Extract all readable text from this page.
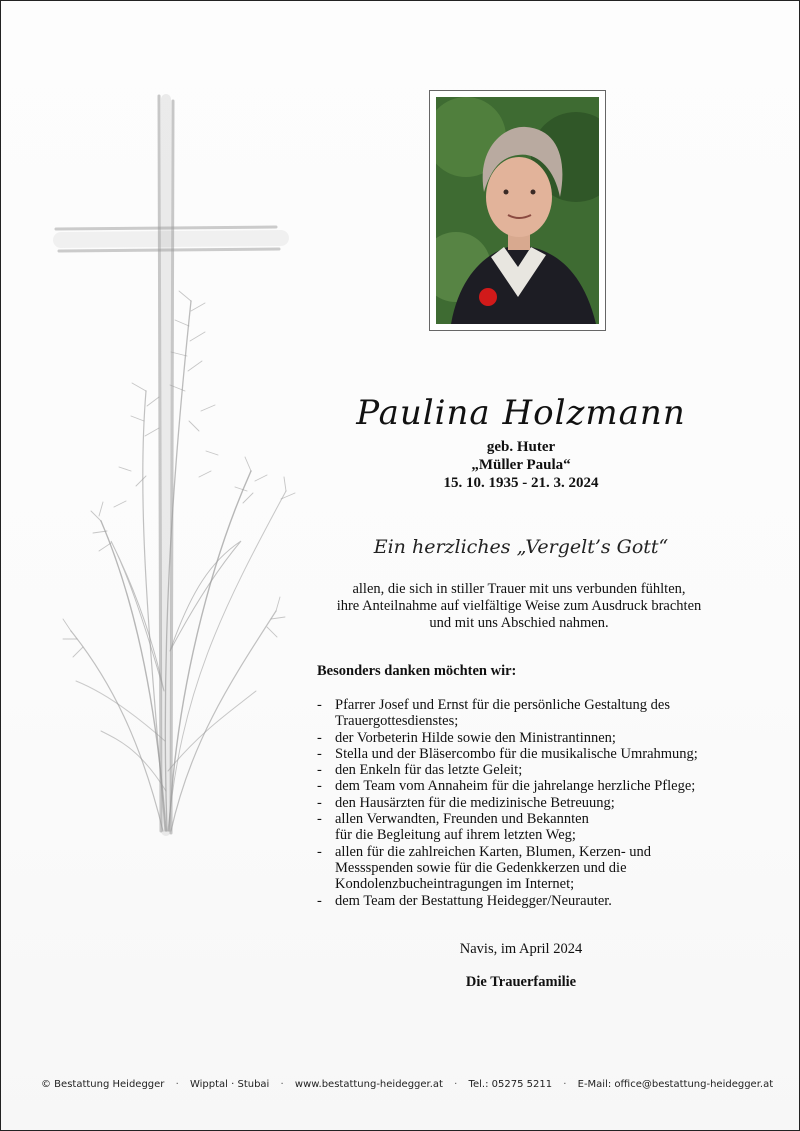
Paulina Holzmann
geb. Huter
„Müller Paula“
15. 10. 1935 - 21. 3. 2024
Ein herzliches „Vergelt’s Gott“
allen, die sich in stiller Trauer mit uns verbunden fühlten,
ihre Anteilnahme auf vielfältige Weise zum Ausdruck brachten
und mit uns Abschied nahmen.
Besonders danken möchten wir:
- Pfarrer Josef und Ernst für die persönliche Gestaltung des
Trauergottesdienstes;
- der Vorbeterin Hilde sowie den Ministrantinnen;
- Stella und der Bläsercombo für die musikalische Umrahmung;
- den Enkeln für das letzte Geleit;
- dem Team vom Annaheim für die jahrelange herzliche Pflege;
- den Hausärzten für die medizinische Betreuung;
- allen Verwandten, Freunden und Bekannten
für die Begleitung auf ihrem letzten Weg;
- allen für die zahlreichen Karten, Blumen, Kerzen- und
Messspenden sowie für die Gedenkkerzen und die
Kondolenzbucheintragungen im Internet;
- dem Team der Bestattung Heidegger/Neurauter.
Navis, im April 2024
Die Trauerfamilie
© Bestattung Heidegger · Wipptal · Stubai · www.bestattung-heidegger.at · Tel.: 05275 5211 · E-Mail: office@bestattung-heidegger.at
